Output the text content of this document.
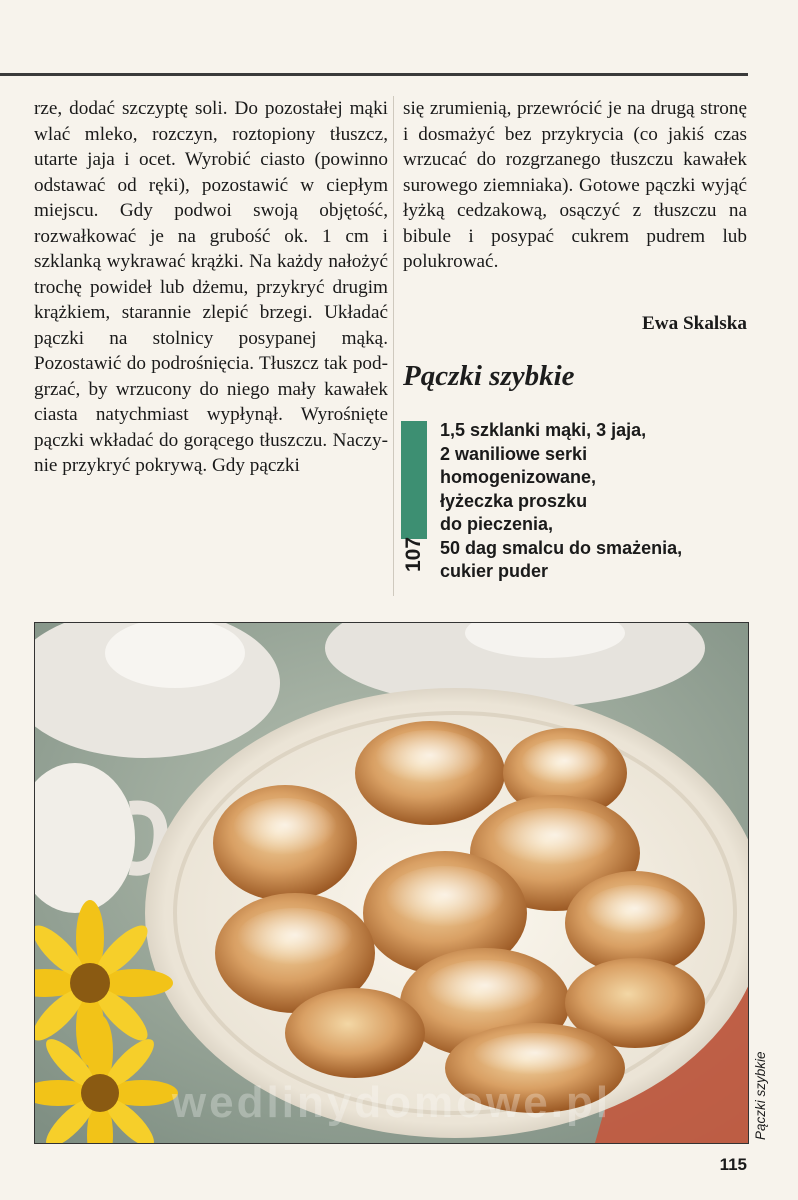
rze, dodać szczyptę soli. Do pozostałej mąki wlać mleko, rozczyn, roztopiony tłuszcz, utarte jaja i ocet. Wyrobić ciasto (powinno odstawać od ręki), pozostawić w ciepłym miejscu. Gdy podwoi swoją objętość, rozwałkować je na grubość ok. 1 cm i szklanką wykrawać krążki. Na każdy nałożyć trochę powideł lub dżemu, przykryć drugim krążkiem, starannie zlepić brzegi. Układać pączki na stolnicy posypanej mąką. Pozostawić do podrośnięcia. Tłuszcz tak podgrzać, by wrzucony do niego mały kawałek ciasta natychmiast wypłynął. Wyrośnięte pączki wkładać do gorącego tłuszczu. Naczynie przykryć pokrywą. Gdy pączki
się zrumienią, przewrócić je na drugą stronę i dosmażyć bez przykrycia (co jakiś czas wrzucać do rozgrzanego tłuszczu kawałek surowego ziemniaka). Gotowe pączki wyjąć łyżką cedzakową, osączyć z tłuszczu na bibule i posypać cukrem pudrem lub polukrować.
Ewa Skalska
Pączki szybkie
107
1,5 szklanki mąki, 3 jaja,
2 waniliowe serki
homogenizowane,
łyżeczka proszku
do pieczenia,
50 dag smalcu do smażenia,
cukier puder
wedlinydomowe.pl	Pączki szybkie
115
